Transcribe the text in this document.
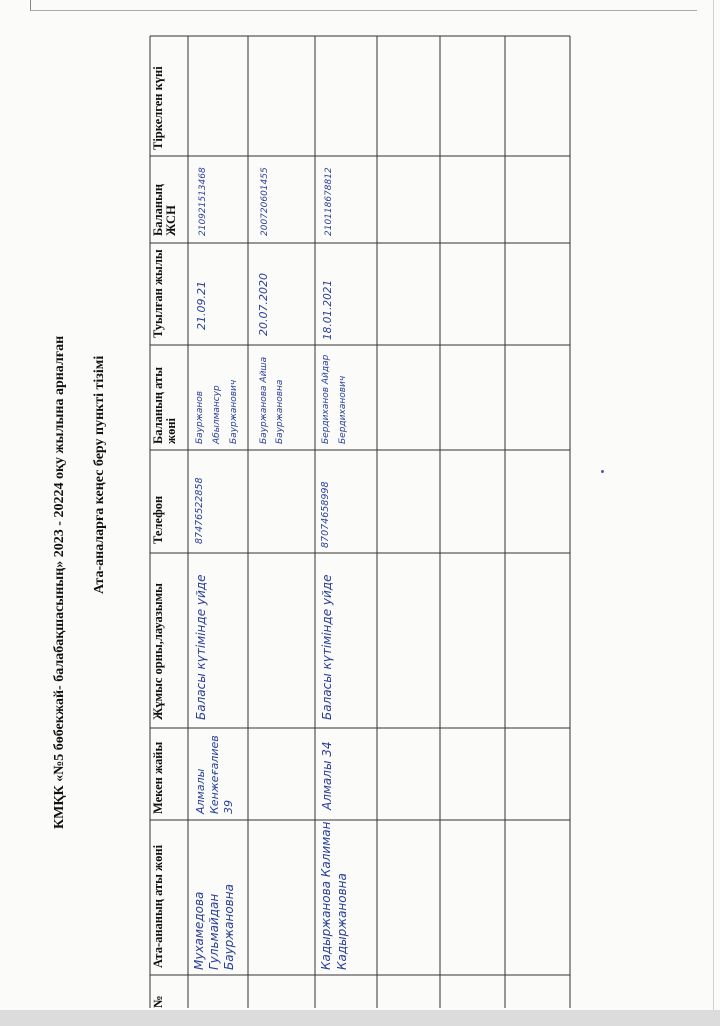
КМҚК «№5 бөбекжай- балабақшасының» 2023 - 20224 оқу жылына арналған Ата-аналарға кеңес беру пункті тізімі
№
Ата-ананың аты жөні
Мекен жайы
Жұмыс орны,лауазымы
Телефон
Баланың аты жөні
Туылған жылы
Баланың ЖСН
Тіркелген күні
Мухамедова Гульмайдан Бауржановна
Алмалы Кенжеғалиев 39
Баласы күтімінде уйде
87476522858
Бауржанов Абылмансур Бауржанович
21.09.21
210921513468
Бауржанова Айша Бауржановна
20.07.2020
200720601455
Кадыржанова Калиман Кадыржановна
Алмалы 34
Баласы күтімінде уйде
87074658998
Бердиханов Айдар Бердиханович
18.01.2021
210118678812
